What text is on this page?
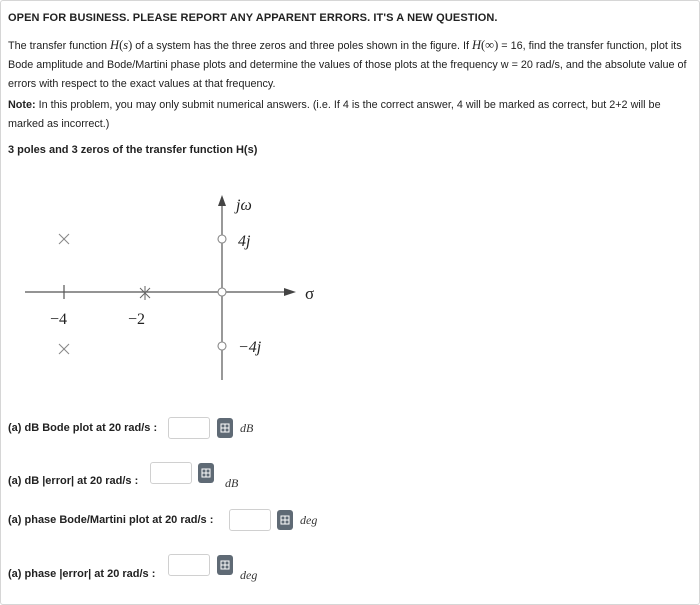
OPEN FOR BUSINESS. PLEASE REPORT ANY APPARENT ERRORS. IT'S A NEW QUESTION.
The transfer function H(s) of a system has the three zeros and three poles shown in the figure. If H(∞) = 16, find the transfer function, plot its Bode amplitude and Bode/Martini phase plots and determine the values of those plots at the frequency w = 20 rad/s, and the absolute value of errors with respect to the exact values at that frequency.
Note: In this problem, you may only submit numerical answers. (i.e. If 4 is the correct answer, 4 will be marked as correct, but 2+2 will be marked as incorrect.)
3 poles and 3 zeros of the transfer function H(s)
jω
4j
−4j
σ
−4	−2
(a) dB Bode plot at 20 rad/s :	dB
(a) dB |error| at 20 rad/s :	dB
(a) phase Bode/Martini plot at 20 rad/s :	deg
(a) phase |error| at 20 rad/s :	deg
